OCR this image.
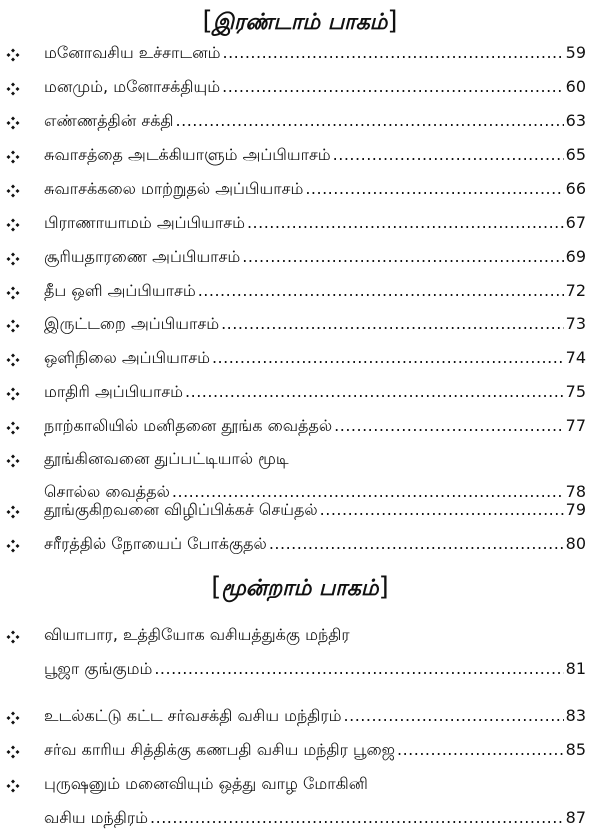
[இரண்டாம் பாகம்]
மனோவசிய உச்சாடனம் .....	59
மனமும், மனோசக்தியும் .....	60
எண்ணத்தின் சக்தி .....	63
சுவாசத்தை அடக்கியாளும் அப்பியாசம் .....	65
சுவாசக்கலை மாற்றுதல் அப்பியாசம் .....	66
பிராணாயாமம் அப்பியாசம் .....	67
சூரியதாரணை அப்பியாசம் .....	69
தீப ஒளி அப்பியாசம் .....	72
இருட்டறை அப்பியாசம் .....	73
ஒளிநிலை அப்பியாசம் .....	74
மாதிரி அப்பியாசம் .....	75
நாற்காலியில் மனிதனை தூங்க வைத்தல் .....	77
தூங்கினவனை துப்பட்டியால் மூடி
சொல்ல வைத்தல் .....	78
தூங்குகிறவனை விழிப்பிக்கச் செய்தல் .....	79
சரீரத்தில் நோயைப் போக்குதல் .....	80
[மூன்றாம் பாகம்]
வியாபார, உத்தியோக வசியத்துக்கு மந்திர
பூஜா குங்குமம் .....	81
உடல்கட்டு கட்ட சர்வசக்தி வசிய மந்திரம் .....	83
சர்வ காரிய சித்திக்கு கணபதி வசிய மந்திர பூஜை .....	85
புருஷனும் மனைவியும் ஒத்து வாழ மோகினி
வசிய மந்திரம் .....	87
